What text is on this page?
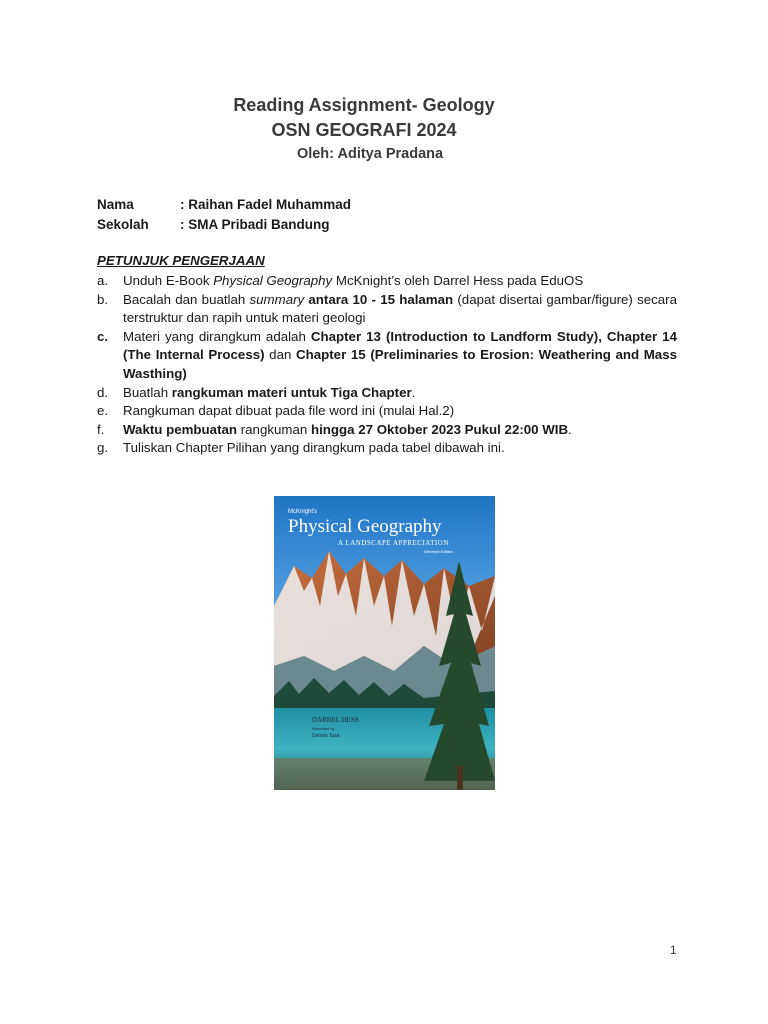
Reading Assignment- Geology
OSN GEOGRAFI 2024
Oleh: Aditya Pradana
Nama	: Raihan Fadel Muhammad
Sekolah	: SMA Pribadi Bandung
PETUNJUK PENGERJAAN
a.	Unduh E-Book Physical Geography McKnight’s oleh Darrel Hess pada EduOS
b.	Bacalah dan buatlah summary antara 10 - 15 halaman (dapat disertai gambar/figure) secara terstruktur dan rapih untuk materi geologi
c.	Materi yang dirangkum adalah Chapter 13 (Introduction to Landform Study), Chapter 14 (The Internal Process) dan Chapter 15 (Preliminaries to Erosion: Weathering and Mass Wasthing)
d.	Buatlah rangkuman materi untuk Tiga Chapter.
e.	Rangkuman dapat dibuat pada file word ini (mulai Hal.2)
f.	Waktu pembuatan rangkuman hingga 27 Oktober 2023 Pukul 22:00 WIB.
g.	Tuliskan Chapter Pilihan yang dirangkum pada tabel dibawah ini.
McKnight's
Physical Geography
A LANDSCAPE APPRECIATION
Eleventh Edition
DARREL HESS
Illustrated by
Dennis Tasa
1
